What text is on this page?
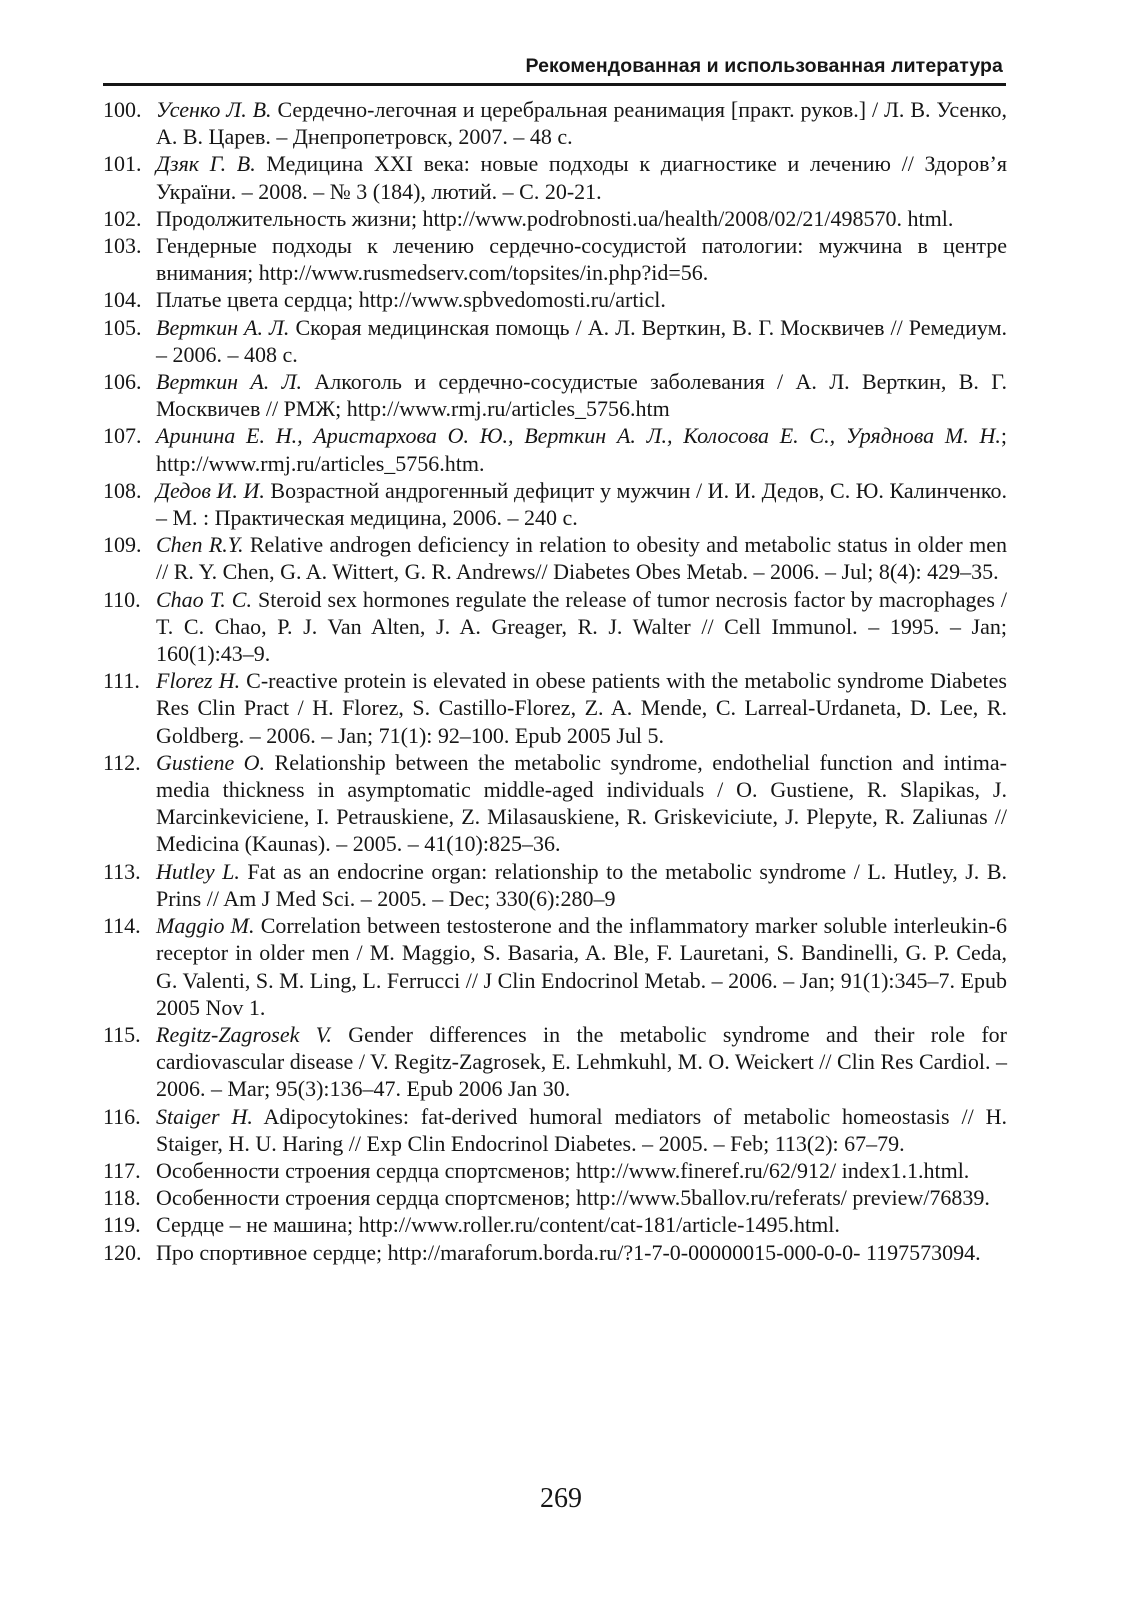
Рекомендованная и использованная литература
100. Усенко Л. В. Сердечно-легочная и церебральная реанимация [практ. руков.] / Л. В. Усенко, А. В. Царев. – Днепропетровск, 2007. – 48 с.
101. Дзяк Г. В. Медицина XXI века: новые подходы к диагностике и лечению // Здоров’я України. – 2008. – № 3 (184), лютий. – С. 20-21.
102. Продолжительность жизни; http://www.podrobnosti.ua/health/2008/02/21/498570. html.
103. Гендерные подходы к лечению сердечно-сосудистой патологии: мужчина в центре внимания; http://www.rusmedserv.com/topsites/in.php?id=56.
104. Платье цвета сердца; http://www.spbvedomosti.ru/articl.
105. Верткин А. Л. Скорая медицинская помощь / А. Л. Верткин, В. Г. Москвичев // Ремедиум. – 2006. – 408 с.
106. Верткин А. Л. Алкоголь и сердечно-сосудистые заболевания / А. Л. Верткин, В. Г. Москвичев // РМЖ; http://www.rmj.ru/articles_5756.htm
107. Аринина Е. Н., Аристархова О. Ю., Верткин А. Л., Колосова Е. С., Уряднова М. Н.; http://www.rmj.ru/articles_5756.htm.
108. Дедов И. И. Возрастной андрогенный дефицит у мужчин / И. И. Дедов, С. Ю. Калинченко. – М. : Практическая медицина, 2006. – 240 с.
109. Chen R.Y. Relative androgen deficiency in relation to obesity and metabolic status in older men // R. Y. Chen, G. A. Wittert, G. R. Andrews// Diabetes Obes Metab. – 2006. – Jul; 8(4): 429–35.
110. Chao T. C. Steroid sex hormones regulate the release of tumor necrosis factor by macrophages / T. C. Chao, P. J. Van Alten, J. A. Greager, R. J. Walter // Cell Immunol. – 1995. – Jan; 160(1):43–9.
111. Florez H. C-reactive protein is elevated in obese patients with the metabolic syndrome Diabetes Res Clin Pract / H. Florez, S. Castillo-Florez, Z. A. Mende, C. Larreal-Urdaneta, D. Lee, R. Goldberg. – 2006. – Jan; 71(1): 92–100. Epub 2005 Jul 5.
112. Gustiene O. Relationship between the metabolic syndrome, endothelial function and intima-media thickness in asymptomatic middle-aged individuals / O. Gustiene, R. Slapikas, J. Marcinkeviciene, I. Petrauskiene, Z. Milasauskiene, R. Griskeviciute, J. Plepyte, R. Zaliunas // Medicina (Kaunas). – 2005. – 41(10):825–36.
113. Hutley L. Fat as an endocrine organ: relationship to the metabolic syndrome / L. Hutley, J. B. Prins // Am J Med Sci. – 2005. – Dec; 330(6):280–9
114. Maggio M. Correlation between testosterone and the inflammatory marker soluble interleukin-6 receptor in older men / M. Maggio, S. Basaria, A. Ble, F. Lauretani, S. Bandinelli, G. P. Ceda, G. Valenti, S. M. Ling, L. Ferrucci // J Clin Endocrinol Metab. – 2006. – Jan; 91(1):345–7. Epub 2005 Nov 1.
115. Regitz-Zagrosek V. Gender differences in the metabolic syndrome and their role for cardiovascular disease / V. Regitz-Zagrosek, E. Lehmkuhl, M. O. Weickert // Clin Res Cardiol. – 2006. – Mar; 95(3):136–47. Epub 2006 Jan 30.
116. Staiger H. Adipocytokines: fat-derived humoral mediators of metabolic homeostasis // H. Staiger, H. U. Haring // Exp Clin Endocrinol Diabetes. – 2005. – Feb; 113(2): 67–79.
117. Особенности строения сердца спортсменов; http://www.fineref.ru/62/912/ index1.1.html.
118. Особенности строения сердца спортсменов; http://www.5ballov.ru/referats/ preview/76839.
119. Сердце – не машина; http://www.roller.ru/content/cat-181/article-1495.html.
120. Про спортивное сердце; http://maraforum.borda.ru/?1-7-0-00000015-000-0-0- 1197573094.
269
